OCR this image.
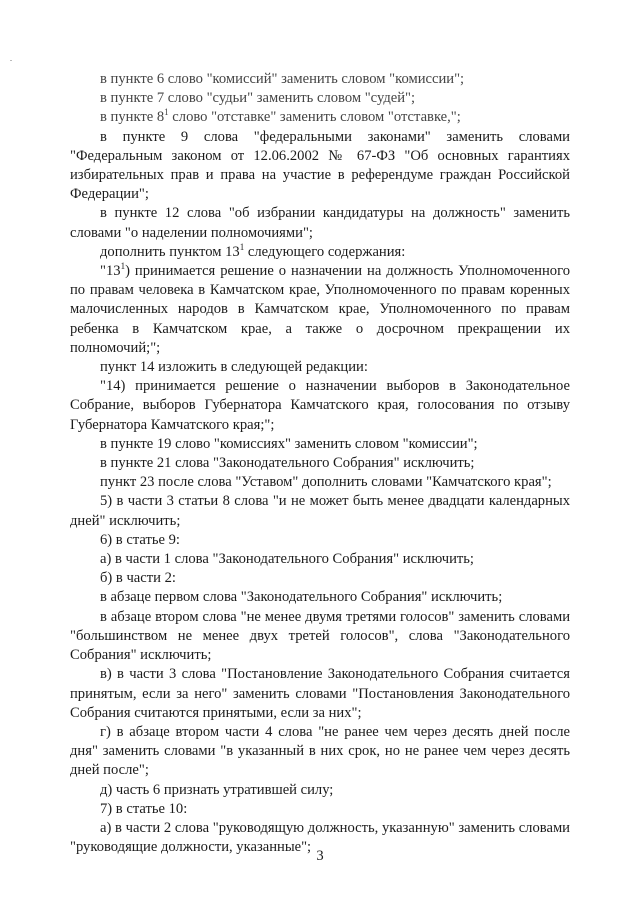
в пункте 6 слово "комиссий" заменить словом "комиссии";

в пункте 7 слово "судьи" заменить словом "судей";

в пункте $8^1$ слово "отставке" заменить словом "отставке,";

в пункте 9 слова "федеральными законами" заменить словами "Федеральным законом от 12.06.2002 № 67-ФЗ "Об основных гарантиях избирательных прав и права на участие в референдуме граждан Российской Федерации";

в пункте 12 слова "об избрании кандидатуры на должность" заменить словами "о наделении полномочиями";

дополнить пунктом $13^1$ следующего содержания:

"$13^1$) принимается решение о назначении на должность Уполномоченного по правам человека в Камчатском крае, Уполномоченного по правам коренных малочисленных народов в Камчатском крае, Уполномоченного по правам ребенка в Камчатском крае, а также о досрочном прекращении их полномочий;";

пункт 14 изложить в следующей редакции:

"14) принимается решение о назначении выборов в Законодательное Собрание, выборов Губернатора Камчатского края, голосования по отзыву Губернатора Камчатского края;";

в пункте 19 слово "комиссиях" заменить словом "комиссии";

в пункте 21 слова "Законодательного Собрания" исключить;

пункт 23 после слова "Уставом" дополнить словами "Камчатского края";

5) в части 3 статьи 8 слова "и не может быть менее двадцати календарных дней" исключить;

6) в статье 9:

а) в части 1 слова "Законодательного Собрания" исключить;

б) в части 2:

в абзаце первом слова "Законодательного Собрания" исключить;

в абзаце втором слова "не менее двумя третями голосов" заменить словами "большинством не менее двух третей голосов", слова "Законодательного Собрания" исключить;

в) в части 3 слова "Постановление Законодательного Собрания считается принятым, если за него" заменить словами "Постановления Законодательного Собрания считаются принятыми, если за них";

г) в абзаце втором части 4 слова "не ранее чем через десять дней после дня" заменить словами "в указанный в них срок, но не ранее чем через десять дней после";

д) часть 6 признать утратившей силу;

7) в статье 10:

а) в части 2 слова "руководящую должность, указанную" заменить словами "руководящие должности, указанные";

3
